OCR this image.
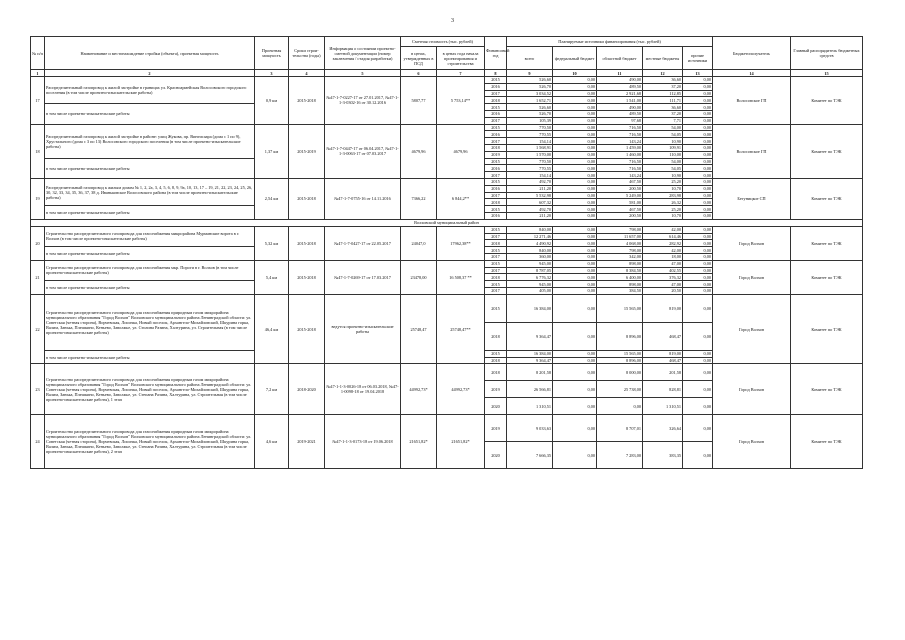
3
№ п/п	Наименование и местонахождение стройки (объекта), проектная мощность	Проектная мощность	Сроки строи-тельства (годы)	Информация о состоянии проектно-сметной документации (номер заключения / стадия разработки)	Сметная стоимость (тыс. рублей)		Финансовый год	Планируемые источники финансирования (тыс. рублей)					Бюджетополучатель	Главный распорядитель бюджетных средств
					в ценах, утвержденных в ПСД	в ценах года начала проектирования и строительства		всего	федеральный бюджет	областной бюджет	местные бюджеты	прочие источники		
1	2	3	4	5	6	7	8	9	10	11	12	13	14	15
17	Распределительный газопровод к жилой застройке в границах ул. Красноармейская Волосовского городского поселения (в том числе проектно-изыскательские работы)	0,9 км	2015-2018	№47-1-7-0227-17 от 27.01.2017, №47-1-1-3-0302-16 от 30.12.2016	5807,77	5 753,14**	2015	526,60	0,00	490,00	36,60	0,00	Волосовское ГП	Комитет по ТЭК
							2016	526,70	0,00	489,50	37,20	0,00		
							2017	3 034,52	0,00	2 921,68	112,85	0,00		
							2018	1 652,71	0,00	1 541,00	111,71	0,00		
	в том числе проектно-изыскательские работы						2015	526,60	0,00	490,00	36,60	0,00		
							2016	526,70	0,00	489,50	37,20	0,00		
							2017	105,39	0,00	97,68	7,71	0,00		
18	Распределительный газопровод к жилой застройке в районе: улиц Жукова, пр. Вингисаара (дома с 1 по 9), Хрустального (дома с 3 по 13) Волосовского городского поселения (в том числе проектно-изыскательские работы)	1,37 км	2015-2019	№47-1-7-0447-17 от 06.04.2017, №47-1-1-3-0063-17 от 07.03.2017	4679,96	4679,96	2015	770,50	0,00	716,50	54,00	0,00	Волосовское ГП	Комитет по ТЭК
							2016	770,55	0,00	716,50	54,05	0,00		
							2017	154,14	0,00	143,24	10,90	0,00		
							2018	1 568,91	0,00	1 459,00	109,91	0,00		
							2019	1 570,00	0,00	1 460,00	110,00	0,00		
	в том числе проектно-изыскательские работы						2015	770,50	0,00	716,50	54,00	0,00		
							2016	770,55	0,00	716,50	54,05	0,00		
							2017	154,14	0,00	143,24	10,90	0,00		
19	Распределительный газопровод к жилым домам № 1, 2, 2а, 3, 4, 5, 6, 8, 9, 9а, 10, 13, 17 – 19, 21, 22, 23, 24, 25, 26, 30, 32, 33, 34, 35, 36, 37, 38 д. Иваньковское Волосовского района (в том числе проектно-изыскательские работы)	2,54 км	2015-2018	№47-1-7-0755-16 от 14.11.2016	7366,22	6 844,2**	2015	492,70	0,00	467,50	25,20	0,00	Бегуницкое СП	Комитет по ТЭК
							2016	211,20	0,00	200,50	10,70	0,00		
							2017	5 532,98	0,00	5 249,00	283,98	0,00		
							2018	607,32	0,00	581,00	26,32	0,00		
	в том числе проектно-изыскательские работы						2015	492,70	0,00	467,50	25,20	0,00		
							2016	211,20	0,00	200,50	10,70	0,00		
Волховский муниципальный район														
20	Строительство распределительного газопровода для газоснабжения микрорайона Мурманские ворота в г. Волхов (в том числе проектно-изыскательские работы)	5,32 км	2015-2018	№47-1-7-0427-17 от 22.05.2017	24047,0	17962,38**	2015	840,00	0,00	798,00	42,00	0,00	Город Волхов	Комитет по ТЭК
							2017	12 271,46	0,00	11 657,00	614,46	0,00		
							2018	4 490,92	0,00	4 068,00	282,92	0,00		
	в том числе проектно-изыскательские работы						2015	840,00	0,00	798,00	42,00	0,00		
							2017	360,00	0,00	342,00	18,00	0,00		
21	Строительство распределительного газопровода для газоснабжения мкр. Пороги в г. Волхов (в том числе проектно-изыскательские работы)	5,4 км	2015-2018	№47-1-7-0269-17 от 17.03.2017	23478,00	16 508,37 **	2015	945,00	0,00	898,00	47,00	0,00	Город Волхов	Комитет по ТЭК
							2017	8 787,05	0,00	8 384,50	402,55	0,00		
							2018	6 776,32	0,00	6 400,00	376,32	0,00		
	в том числе проектно-изыскательские работы						2015	945,00	0,00	898,00	47,00	0,00		
							2017	405,00	0,00	384,50	20,50	0,00		
22	Строительство распределительного газопровода для газоснабжения природным газом микрорайона муниципального образования "Город Волхов" Волховского муниципального района Ленинградской области: ул. Советская (четная сторона), Ворчевская, Лисичка, Новый поселок, Архангело-Михайловский, Шкурина горка, Валим, Занька, Плешкино, Кеньево, Заволжье, ул. Столина Разина, Халтурина, ул. Строительная (в том числе проектно-изыскательские работы)	46,4 км	2015-2018	ведутся проектно-изыскательские работы	25748,47	25748,47**	2015	16 384,00	0,00	15 565,00	819,00	0,00	Город Волхов	Комитет по ТЭК
							2018	9 364,47	0,00	8 896,00	468,47	0,00		
	в том числе проектно-изыскательские работы						2015	16 384,00	0,00	15 565,00	819,00	0,00		
							2018	9 364,47	0,00	8 896,00	468,47	0,00		
23	Строительство распределительного газопровода для газоснабжения природным газом микрорайона муниципального образования "Город Волхов" Волховского муниципального района Ленинградской области: ул. Советская (четная сторона), Ворчевская, Лисичка, Новый поселок, Архангело-Михайловский, Шкурина горка, Валим, Занька, Плешкино, Кеньево, Заволжье, ул. Степана Разина, Халтурина, ул. Строительная (в том числе проектно-изыскательские работы), 1 этап	7,2 км	2018-2020	№47-1-1-3-0026-18 от 06.03.2018, №47-1-0098-18 от 19.04.2018	44992,73*	44992,73*	2018	8 201,58	0,00	8 000,00	201,58	0,00	Город Волхов	Комитет по ТЭК
							2019	26 566,81	0,00	25 738,00	828,81	0,00		
							2020	1 310,51	0,00	0,00	1 310,51	0,00		
24	Строительство распределительного газопровода для газоснабжения природным газом микрорайона муниципального образования "Город Волхов" Волховского муниципального района Ленинградской области: ул. Советская (четная сторона), Ворчевская, Лисичка, Новый поселок, Архангело-Михайловский, Шкурина горка, Валим, Занька, Плешкино, Кеньево, Заволжье, ул. Степана Разина, Халтурина, ул. Строительная (в том числе проектно-изыскательские работы), 2 этап	4,6 км	2019-2021	№47-1-1-3-0173-18 от 19.06.2018	21651,82*	21651,82*	2019	9 033,63	0,00	8 707,01	326,64	0,00	Город Волхов	Комитет по ТЭК
							2020	7 666,35	0,00	7 283,00	383,35	0,00		
